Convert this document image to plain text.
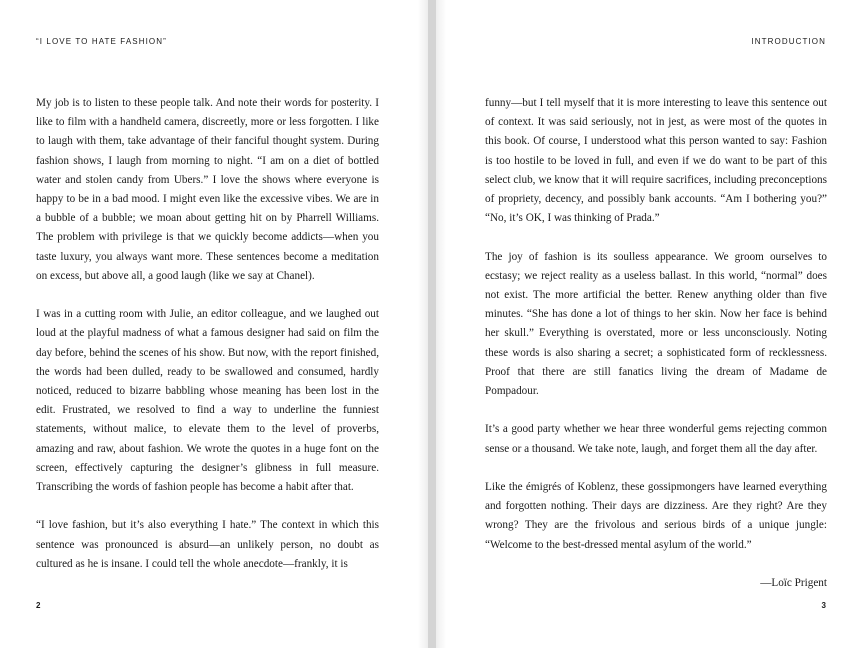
“I LOVE TO HATE FASHION”

My job is to listen to these people talk. And note their words for posterity. I like to film with a handheld camera, discreetly, more or less forgotten. I like to laugh with them, take advantage of their fanciful thought system. During fashion shows, I laugh from morning to night. “I am on a diet of bottled water and stolen candy from Ubers.” I love the shows where everyone is happy to be in a bad mood. I might even like the excessive vibes. We are in a bubble of a bubble; we moan about getting hit on by Pharrell Williams. The problem with privilege is that we quickly become addicts—when you taste luxury, you always want more. These sentences become a meditation on excess, but above all, a good laugh (like we say at Chanel).

I was in a cutting room with Julie, an editor colleague, and we laughed out loud at the playful madness of what a famous designer had said on film the day before, behind the scenes of his show. But now, with the report finished, the words had been dulled, ready to be swallowed and consumed, hardly noticed, reduced to bizarre babbling whose meaning has been lost in the edit. Frustrated, we resolved to find a way to underline the funniest statements, without malice, to elevate them to the level of proverbs, amazing and raw, about fashion. We wrote the quotes in a huge font on the screen, effectively capturing the designer’s glibness in full measure. Transcribing the words of fashion people has become a habit after that.

“I love fashion, but it’s also everything I hate.” The context in which this sentence was pronounced is absurd—an unlikely person, no doubt as cultured as he is insane. I could tell the whole anecdote—frankly, it is

2
INTRODUCTION

funny—but I tell myself that it is more interesting to leave this sentence out of context. It was said seriously, not in jest, as were most of the quotes in this book. Of course, I understood what this person wanted to say: Fashion is too hostile to be loved in full, and even if we do want to be part of this select club, we know that it will require sacrifices, including preconceptions of propriety, decency, and possibly bank accounts. “Am I bothering you?” “No, it’s OK, I was thinking of Prada.”

The joy of fashion is its soulless appearance. We groom ourselves to ecstasy; we reject reality as a useless ballast. In this world, “normal” does not exist. The more artificial the better. Renew anything older than five minutes. “She has done a lot of things to her skin. Now her face is behind her skull.” Everything is overstated, more or less unconsciously. Noting these words is also sharing a secret; a sophisticated form of recklessness. Proof that there are still fanatics living the dream of Madame de Pompadour.

It’s a good party whether we hear three wonderful gems rejecting common sense or a thousand. We take note, laugh, and forget them all the day after.

Like the émigrés of Koblenz, these gossipmongers have learned everything and forgotten nothing. Their days are dizziness. Are they right? Are they wrong? They are the frivolous and serious birds of a unique jungle: “Welcome to the best-dressed mental asylum of the world.”

—Loïc Prigent

3
